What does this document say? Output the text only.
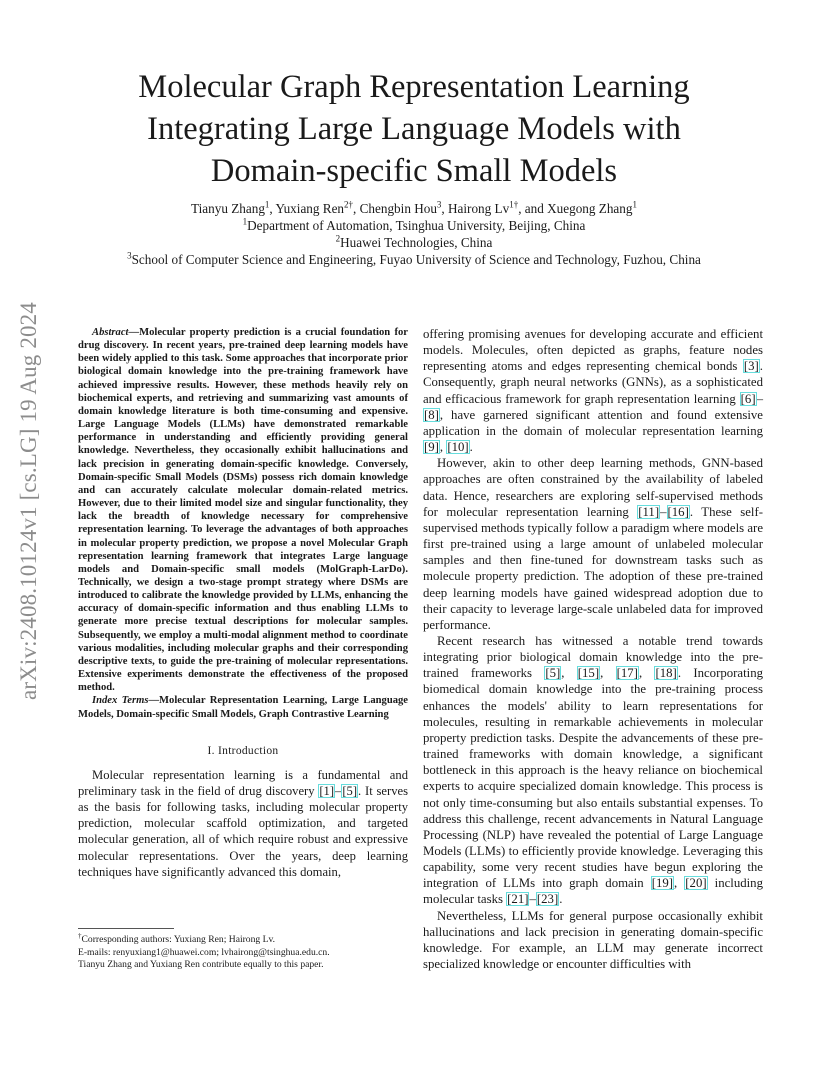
Molecular Graph Representation Learning
Integrating Large Language Models with
Domain-specific Small Models
Tianyu Zhang$^1$, Yuxiang Ren$^{2\dagger}$, Chengbin Hou$^3$, Hairong $Lv^{1\dagger}$, and Xuegong Zhang$^1$
$^1$Department of Automation, Tsinghua University, Beijing, China
$^2$Huawei Technologies, China
$^3$School of Computer Science and Engineering, Fuyao University of Science and Technology, Fuzhou, China
arXiv:2408.10124v1 [cs.LG] 19 Aug 2024	Abstract—Molecular property prediction is a crucial foundation for drug discovery. In recent years, pre-trained deep learning models have been widely applied to this task. Some approaches that incorporate prior biological domain knowledge into the pre-training framework have achieved impressive results. However, these methods heavily rely on biochemical experts, and retrieving and summarizing vast amounts of domain knowledge literature is both time-consuming and expensive. Large Language Models (LLMs) have demonstrated remarkable performance in understanding and efficiently providing general knowledge. Nevertheless, they occasionally exhibit hallucinations and lack precision in generating domain-specific knowledge. Conversely, Domain-specific Small Models (DSMs) possess rich domain knowledge and can accurately calculate molecular domain-related metrics. However, due to their limited model size and singular functionality, they lack the breadth of knowledge necessary for comprehensive representation learning. To leverage the advantages of both approaches in molecular property prediction, we propose a novel Molecular Graph representation learning framework that integrates Large language models and Domain-specific small models (MolGraph-LarDo). Technically, we design a two-stage prompt strategy where DSMs are introduced to calibrate the knowledge provided by LLMs, enhancing the accuracy of domain-specific information and thus enabling LLMs to generate more precise textual descriptions for molecular samples. Subsequently, we employ a multi-modal alignment method to coordinate various modalities, including molecular graphs and their corresponding descriptive texts, to guide the pre-training of molecular representations. Extensive experiments demonstrate the effectiveness of the proposed method.

Index Terms—Molecular Representation Learning, Large Language Models, Domain-specific Small Models, Graph Contrastive Learning

I. Introduction

Molecular representation learning is a fundamental and preliminary task in the field of drug discovery [1]–[5]. It serves as the basis for following tasks, including molecular property prediction, molecular scaffold optimization, and targeted molecular generation, all of which require robust and expressive molecular representations. Over the years, deep learning techniques have significantly advanced this domain,

†Corresponding authors: Yuxiang Ren; Hairong Lv.
E-mails: renyuxiang1@huawei.com; lvhairong@tsinghua.edu.cn.
Tianyu Zhang and Yuxiang Ren contribute equally to this paper.

offering promising avenues for developing accurate and efficient models. Molecules, often depicted as graphs, feature nodes representing atoms and edges representing chemical bonds [3]. Consequently, graph neural networks (GNNs), as a sophisticated and efficacious framework for graph representation learning [6]–[8], have garnered significant attention and found extensive application in the domain of molecular representation learning [9], [10].

However, akin to other deep learning methods, GNN-based approaches are often constrained by the availability of labeled data. Hence, researchers are exploring self-supervised methods for molecular representation learning [11]–[16]. These self-supervised methods typically follow a paradigm where models are first pre-trained using a large amount of unlabeled molecular samples and then fine-tuned for downstream tasks such as molecule property prediction. The adoption of these pre-trained deep learning models have gained widespread adoption due to their capacity to leverage large-scale unlabeled data for improved performance.

Recent research has witnessed a notable trend towards integrating prior biological domain knowledge into the pre-trained frameworks [5], [15], [17], [18]. Incorporating biomedical domain knowledge into the pre-training process enhances the models' ability to learn representations for molecules, resulting in remarkable achievements in molecular property prediction tasks. Despite the advancements of these pre-trained frameworks with domain knowledge, a significant bottleneck in this approach is the heavy reliance on biochemical experts to acquire specialized domain knowledge. This process is not only time-consuming but also entails substantial expenses. To address this challenge, recent advancements in Natural Language Processing (NLP) have revealed the potential of Large Language Models (LLMs) to efficiently provide knowledge. Leveraging this capability, some very recent studies have begun exploring the integration of LLMs into graph domain [19], [20] including molecular tasks [21]–[23].

Nevertheless, LLMs for general purpose occasionally exhibit hallucinations and lack precision in generating domain-specific knowledge. For example, an LLM may generate incorrect specialized knowledge or encounter difficulties with
